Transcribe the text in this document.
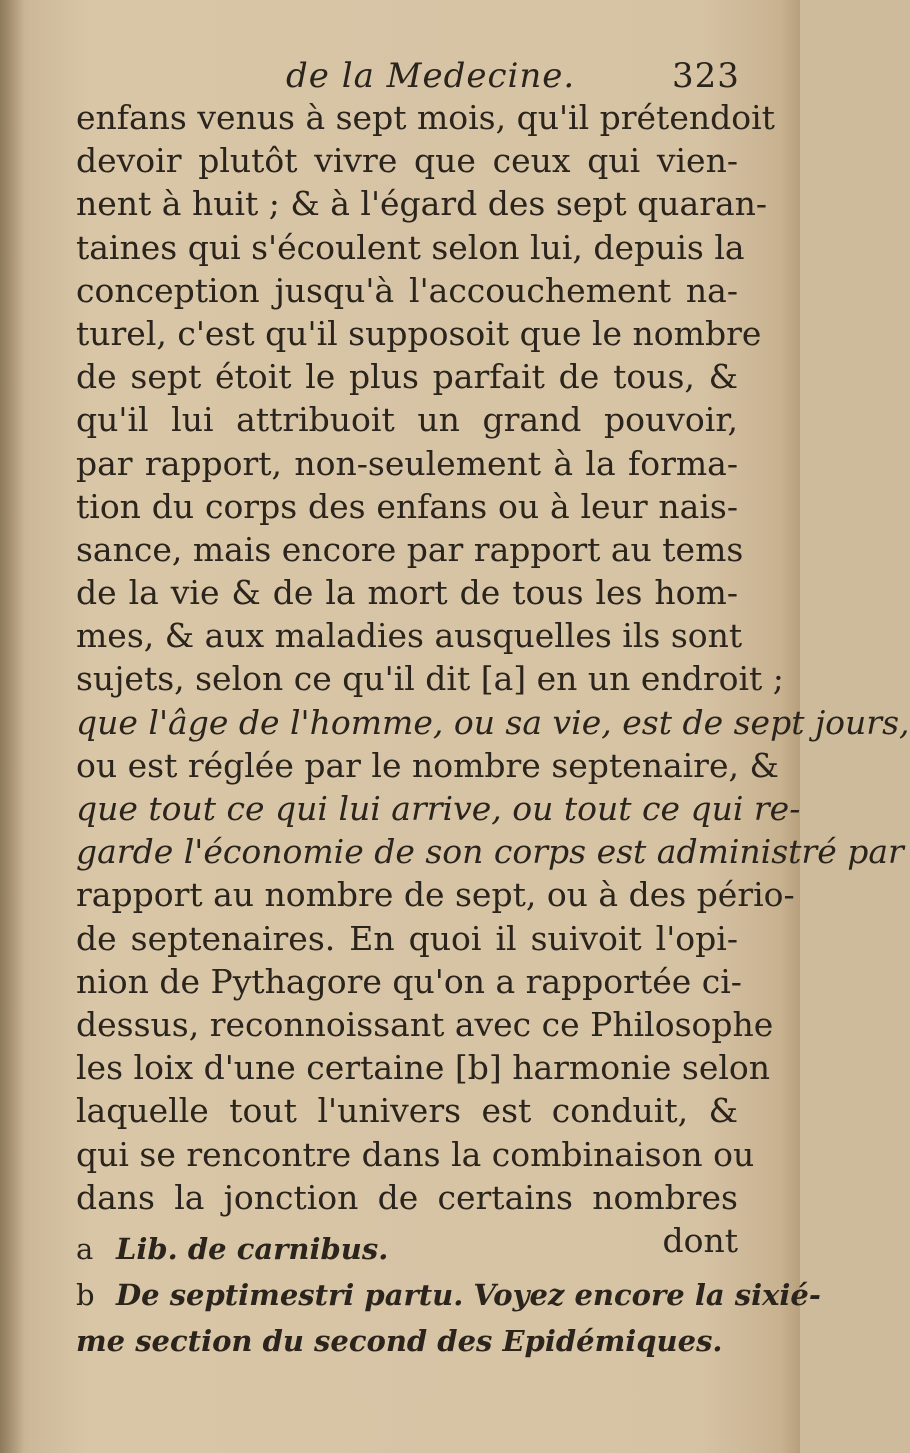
de la Medecine.	323
enfans venus à sept mois, qu'il prétendoit
devoir plutôt vivre que ceux qui vien-
nent à huit ; & à l'égard des sept quaran-
taines qui s'écoulent selon lui, depuis la
conception jusqu'à l'accouchement na-
turel, c'est qu'il supposoit que le nombre
de sept étoit le plus parfait de tous, &
qu'il lui attribuoit un grand pouvoir,
par rapport, non-seulement à la forma-
tion du corps des enfans ou à leur nais-
sance, mais encore par rapport au tems
de la vie & de la mort de tous les hom-
mes, & aux maladies ausquelles ils sont
sujets, selon ce qu'il dit [a] en un endroit ;
que l'âge de l'homme, ou sa vie, est de sept jours,
ou est réglée par le nombre septenaire, &
que tout ce qui lui arrive, ou tout ce qui re-
garde l'économie de son corps est administré par
rapport au nombre de sept, ou à des pério-
de septenaires. En quoi il suivoit l'opi-
nion de Pythagore qu'on a rapportée ci-
dessus, reconnoissant avec ce Philosophe
les loix d'une certaine [b] harmonie selon
laquelle tout l'univers est conduit, &
qui se rencontre dans la combinaison ou
dans la jonction de certains nombres
dont
a Lib. de carnibus.
b De septimestri partu. Voyez encore la sixié-
me section du second des Epidémiques.
